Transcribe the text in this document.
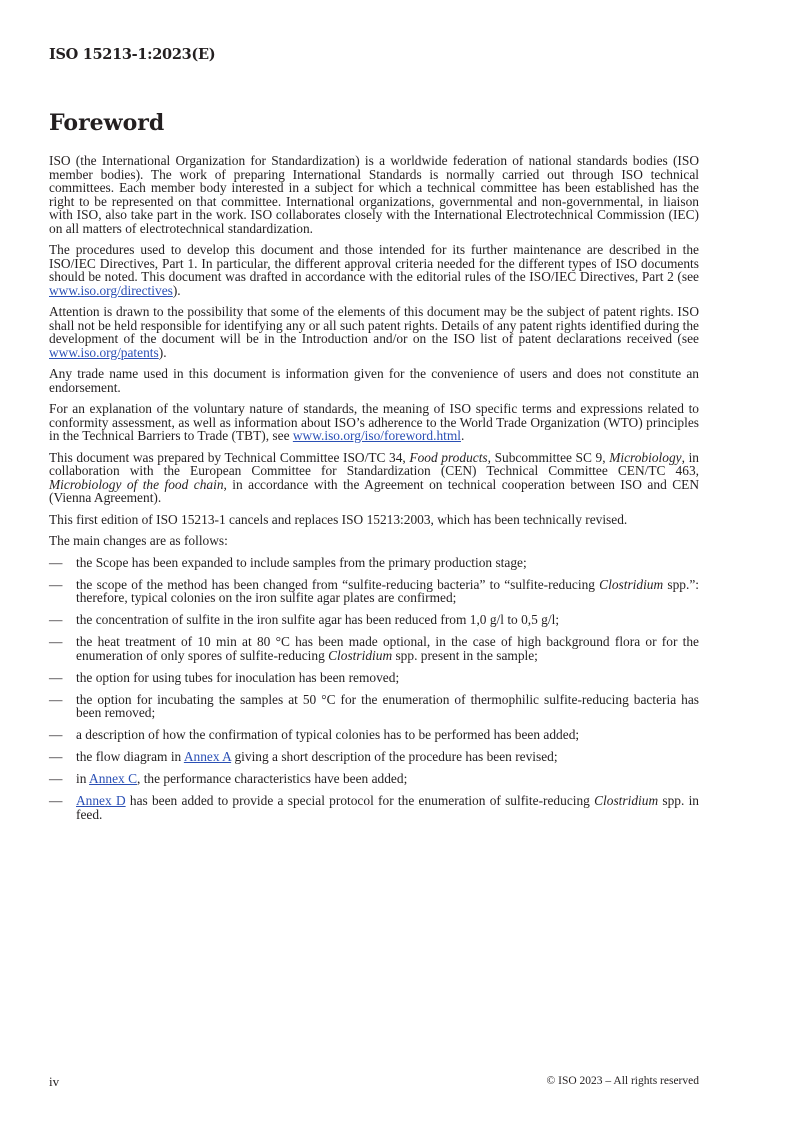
ISO 15213-1:2023(E)
Foreword

ISO (the International Organization for Standardization) is a worldwide federation of national standards bodies (ISO member bodies). The work of preparing International Standards is normally carried out through ISO technical committees. Each member body interested in a subject for which a technical committee has been established has the right to be represented on that committee. International organizations, governmental and non-governmental, in liaison with ISO, also take part in the work. ISO collaborates closely with the International Electrotechnical Commission (IEC) on all matters of electrotechnical standardization.

The procedures used to develop this document and those intended for its further maintenance are described in the ISO/IEC Directives, Part 1. In particular, the different approval criteria needed for the different types of ISO documents should be noted. This document was drafted in accordance with the editorial rules of the ISO/IEC Directives, Part 2 (see www.iso.org/directives).

Attention is drawn to the possibility that some of the elements of this document may be the subject of patent rights. ISO shall not be held responsible for identifying any or all such patent rights. Details of any patent rights identified during the development of the document will be in the Introduction and/or on the ISO list of patent declarations received (see www.iso.org/patents).

Any trade name used in this document is information given for the convenience of users and does not constitute an endorsement.

For an explanation of the voluntary nature of standards, the meaning of ISO specific terms and expressions related to conformity assessment, as well as information about ISO’s adherence to the World Trade Organization (WTO) principles in the Technical Barriers to Trade (TBT), see www.iso.org/iso/foreword.html.

This document was prepared by Technical Committee ISO/TC 34, Food products, Subcommittee SC 9, Microbiology, in collaboration with the European Committee for Standardization (CEN) Technical Committee CEN/TC 463, Microbiology of the food chain, in accordance with the Agreement on technical cooperation between ISO and CEN (Vienna Agreement).

This first edition of ISO 15213-1 cancels and replaces ISO 15213:2003, which has been technically revised.

The main changes are as follows:

—	the Scope has been expanded to include samples from the primary production stage;
—	the scope of the method has been changed from “sulfite-reducing bacteria” to “sulfite-reducing Clostridium spp.”: therefore, typical colonies on the iron sulfite agar plates are confirmed;
—	the concentration of sulfite in the iron sulfite agar has been reduced from 1,0 g/l to 0,5 g/l;
—	the heat treatment of 10 min at 80 °C has been made optional, in the case of high background flora or for the enumeration of only spores of sulfite-reducing Clostridium spp. present in the sample;
—	the option for using tubes for inoculation has been removed;
—	the option for incubating the samples at 50 °C for the enumeration of thermophilic sulfite-reducing bacteria has been removed;
—	a description of how the confirmation of typical colonies has to be performed has been added;
—	the flow diagram in Annex A giving a short description of the procedure has been revised;
—	in Annex C, the performance characteristics have been added;
—	Annex D has been added to provide a special protocol for the enumeration of sulfite-reducing Clostridium spp. in feed.
iv	© ISO 2023 – All rights reserved
